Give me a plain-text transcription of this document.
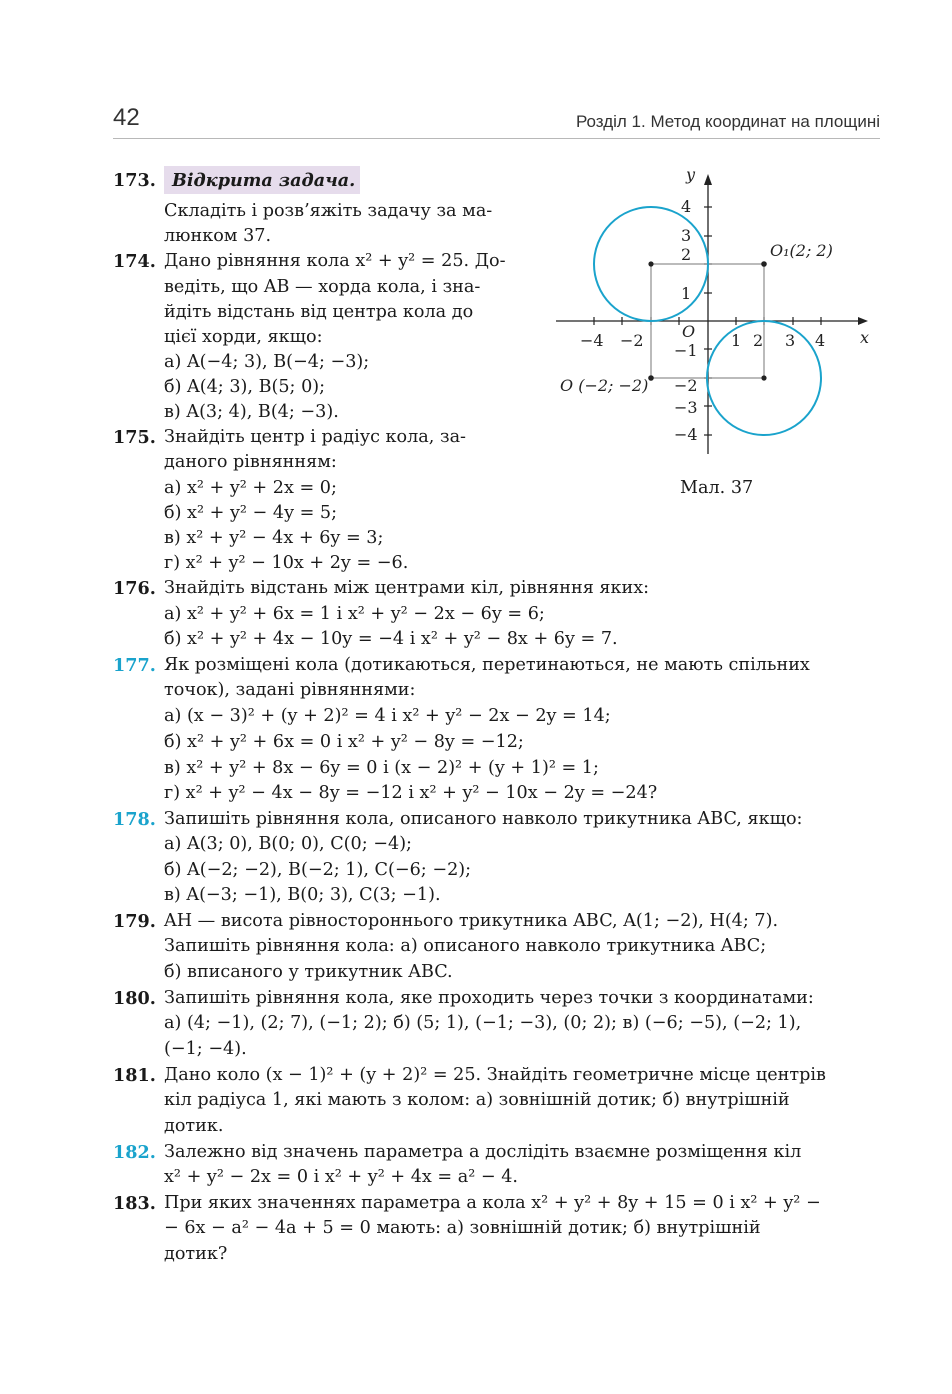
42	Розділ 1. Метод координат на площині
173. Відкрита задача.
Складіть і розв’яжіть задачу за ма-
люнком 37.
174. Дано рівняння кола x² + y² = 25. До-
ведіть, що AB — хорда кола, і зна-
йдіть відстань від центра кола до
цієї хорди, якщо:
а) A(−4; 3), B(−4; −3);
б) A(4; 3), B(5; 0);
в) A(3; 4), B(4; −3).
175. Знайдіть центр і радіус кола, за-
даного рівнянням:
а) x² + y² + 2x = 0;
б) x² + y² − 4y = 5;
в) x² + y² − 4x + 6y = 3;
г) x² + y² − 10x + 2y = −6.
176. Знайдіть відстань між центрами кіл, рівняння яких:
а) x² + y² + 6x = 1 і x² + y² − 2x − 6y = 6;
б) x² + y² + 4x − 10y = −4 і x² + y² − 8x + 6y = 7.
177. Як розміщені кола (дотикаються, перетинаються, не мають спільних
точок), задані рівняннями:
а) (x − 3)² + (y + 2)² = 4 і x² + y² − 2x − 2y = 14;
б) x² + y² + 6x = 0 і x² + y² − 8y = −12;
в) x² + y² + 8x − 6y = 0 і (x − 2)² + (y + 1)² = 1;
г) x² + y² − 4x − 8y = −12 і x² + y² − 10x − 2y = −24?
178. Запишіть рівняння кола, описаного навколо трикутника ABC, якщо:
а) A(3; 0), B(0; 0), C(0; −4);
б) A(−2; −2), B(−2; 1), C(−6; −2);
в) A(−3; −1), B(0; 3), C(3; −1).
179. AH — висота рівностороннього трикутника ABC, A(1; −2), H(4; 7).
Запишіть рівняння кола: а) описаного навколо трикутника ABC;
б) вписаного у трикутник ABC.
180. Запишіть рівняння кола, яке проходить через точки з координатами:
а) (4; −1), (2; 7), (−1; 2); б) (5; 1), (−1; −3), (0; 2); в) (−6; −5), (−2; 1),
(−1; −4).
181. Дано коло (x − 1)² + (y + 2)² = 25. Знайдіть геометричне місце центрів
кіл радіуса 1, які мають з колом: а) зовнішній дотик; б) внутрішній
дотик.
182. Залежно від значень параметра a дослідіть взаємне розміщення кіл
x² + y² − 2x = 0 і x² + y² + 4x = a² − 4.
183. При яких значеннях параметра a кола x² + y² + 8y + 15 = 0 і x² + y² −
− 6x − a² − 4a + 5 = 0 мають: а) зовнішній дотик; б) внутрішній
дотик?
x
y
O
−4 −2	1 2 3 4
4
3
2
1
−1
−2
−3
−4
O₁(2; 2)
O (−2; −2)
Мал. 37
